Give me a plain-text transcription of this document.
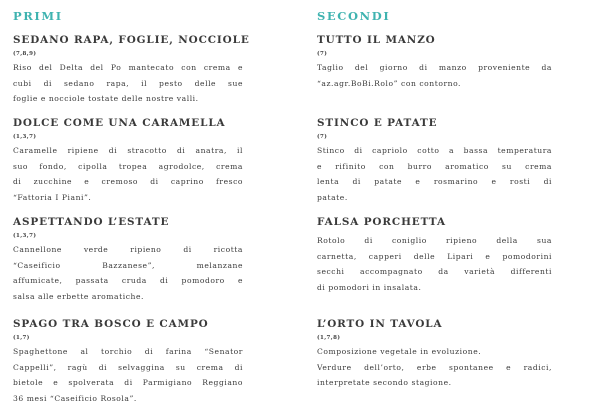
PRIMI
SEDANO RAPA, FOGLIE, NOCCIOLE
(7,8,9)
Riso del Delta del Po mantecato con crema e
cubi di sedano rapa, il pesto delle sue
foglie e nocciole tostate delle nostre valli.
DOLCE COME UNA CARAMELLA
(1,3,7)
Caramelle ripiene di stracotto di anatra, il
suo fondo, cipolla tropea agrodolce, crema
di zucchine e cremoso di caprino fresco
“Fattoria I Piani”.
ASPETTANDO L’ESTATE
(1,3,7)
Cannellone verde ripieno di ricotta
“Caseificio Bazzanese”, melanzane
affumicate, passata cruda di pomodoro e
salsa alle erbette aromatiche.
SPAGO TRA BOSCO E CAMPO
(1,7)
Spaghettone al torchio di farina “Senator
Cappelli”, ragù di selvaggina su crema di
bietole e spolverata di Parmigiano Reggiano
36 mesi “Caseificio Rosola”.
SECONDI
TUTTO IL MANZO
(7)
Taglio del giorno di manzo proveniente da
“az.agr.BoBi.Rolo” con contorno.
STINCO E PATATE
(7)
Stinco di capriolo cotto a bassa temperatura
e rifinito con burro aromatico su crema
lenta di patate e rosmarino e rosti di
patate.
FALSA PORCHETTA
Rotolo di coniglio ripieno della sua
carnetta, capperi delle Lipari e pomodorini
secchi accompagnato da varietà differenti
di pomodori in insalata.
L’ORTO IN TAVOLA
(1,7,8)
Composizione vegetale in evoluzione.
Verdure dell’orto, erbe spontanee e radici,
interpretate secondo stagione.
